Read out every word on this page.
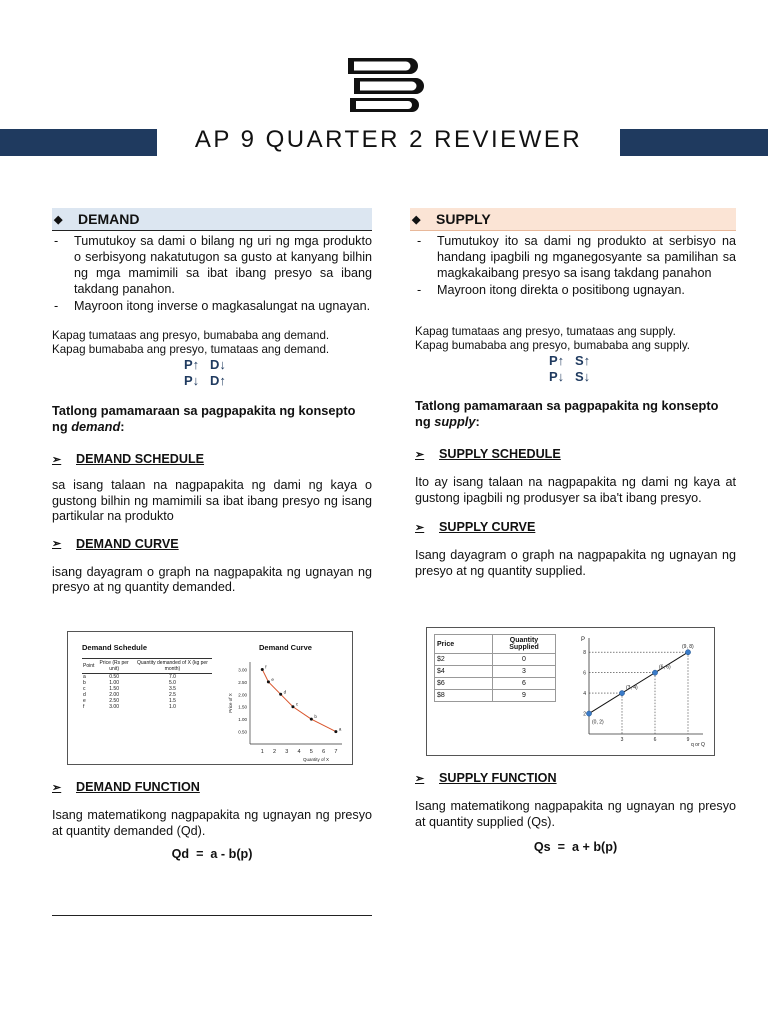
AP 9 QUARTER 2 REVIEWER
◆	DEMAND
- Tumutukoy sa dami o bilang ng uri ng mga produkto o serbisyong nakatutugon sa gusto at kanyang bilhin ng mga mamimili sa ibat ibang presyo sa ibang takdang panahon.
- Mayroon itong inverse o magkasalungat na ugnayan.
Kapag tumataas ang presyo, bumababa ang demand.
Kapag bumababa ang presyo, tumataas ang demand.
P↑   D↓
P↓   D↑
Tatlong pamamaraan sa pagpapakita ng konsepto ng demand:
➢	DEMAND SCHEDULE
sa isang talaan na nagpapakita ng dami ng kaya o gustong bilhin ng mamimili sa ibat ibang presyo ng isang partikular na produkto
➢	DEMAND CURVE
isang dayagram o graph na nagpapakita ng ugnayan ng presyo at ng quantity demanded.
Demand Schedule
Point	Price (Rs per unit)	Quantity demanded of X (kg per month)
a	0.50	7.0
b	1.00	5.0
c	1.50	3.5
d	2.00	2.5
e	2.50	1.5
f	3.00	1.0
Demand Curve
1 2 3 4 5 6 7
0.50
1.00
1.50
2.00
2.50
3.00
Quantity of X
Price of X
a
b
c
d
e
f
➢	DEMAND FUNCTION
Isang matematikong nagpapakita ng ugnayan ng presyo at quantity demanded (Qd).
Qd  =  a - b(p)
◆	SUPPLY
- Tumutukoy ito sa dami ng produkto at serbisyo na handang ipagbili ng mganegosyante sa pamilihan sa magkakaibang presyo sa isang takdang panahon
- Mayroon itong direkta o positibong ugnayan.
Kapag tumataas ang presyo, tumataas ang supply.
Kapag bumababa ang presyo, bumababa ang supply.
P↑   S↑
P↓   S↓
Tatlong pamamaraan sa pagpapakita ng konsepto ng supply:
➢	SUPPLY SCHEDULE
Ito ay isang talaan na nagpapakita ng dami ng kaya at gustong ipagbili ng produsyer sa iba't ibang presyo.
➢	SUPPLY CURVE
Isang dayagram o graph na nagpapakita ng ugnayan ng presyo at ng quantity supplied.
Price	Quantity Supplied
$2	0
$4	3
$6	6
$8	9
P
q or Q
2
4
6
8
3	6	9
(0, 2)
(3, 4)
(6, 6)
(9, 8)
➢	SUPPLY FUNCTION
Isang matematikong nagpapakita ng ugnayan ng presyo at quantity supplied (Qs).
Qs  =  a + b(p)
